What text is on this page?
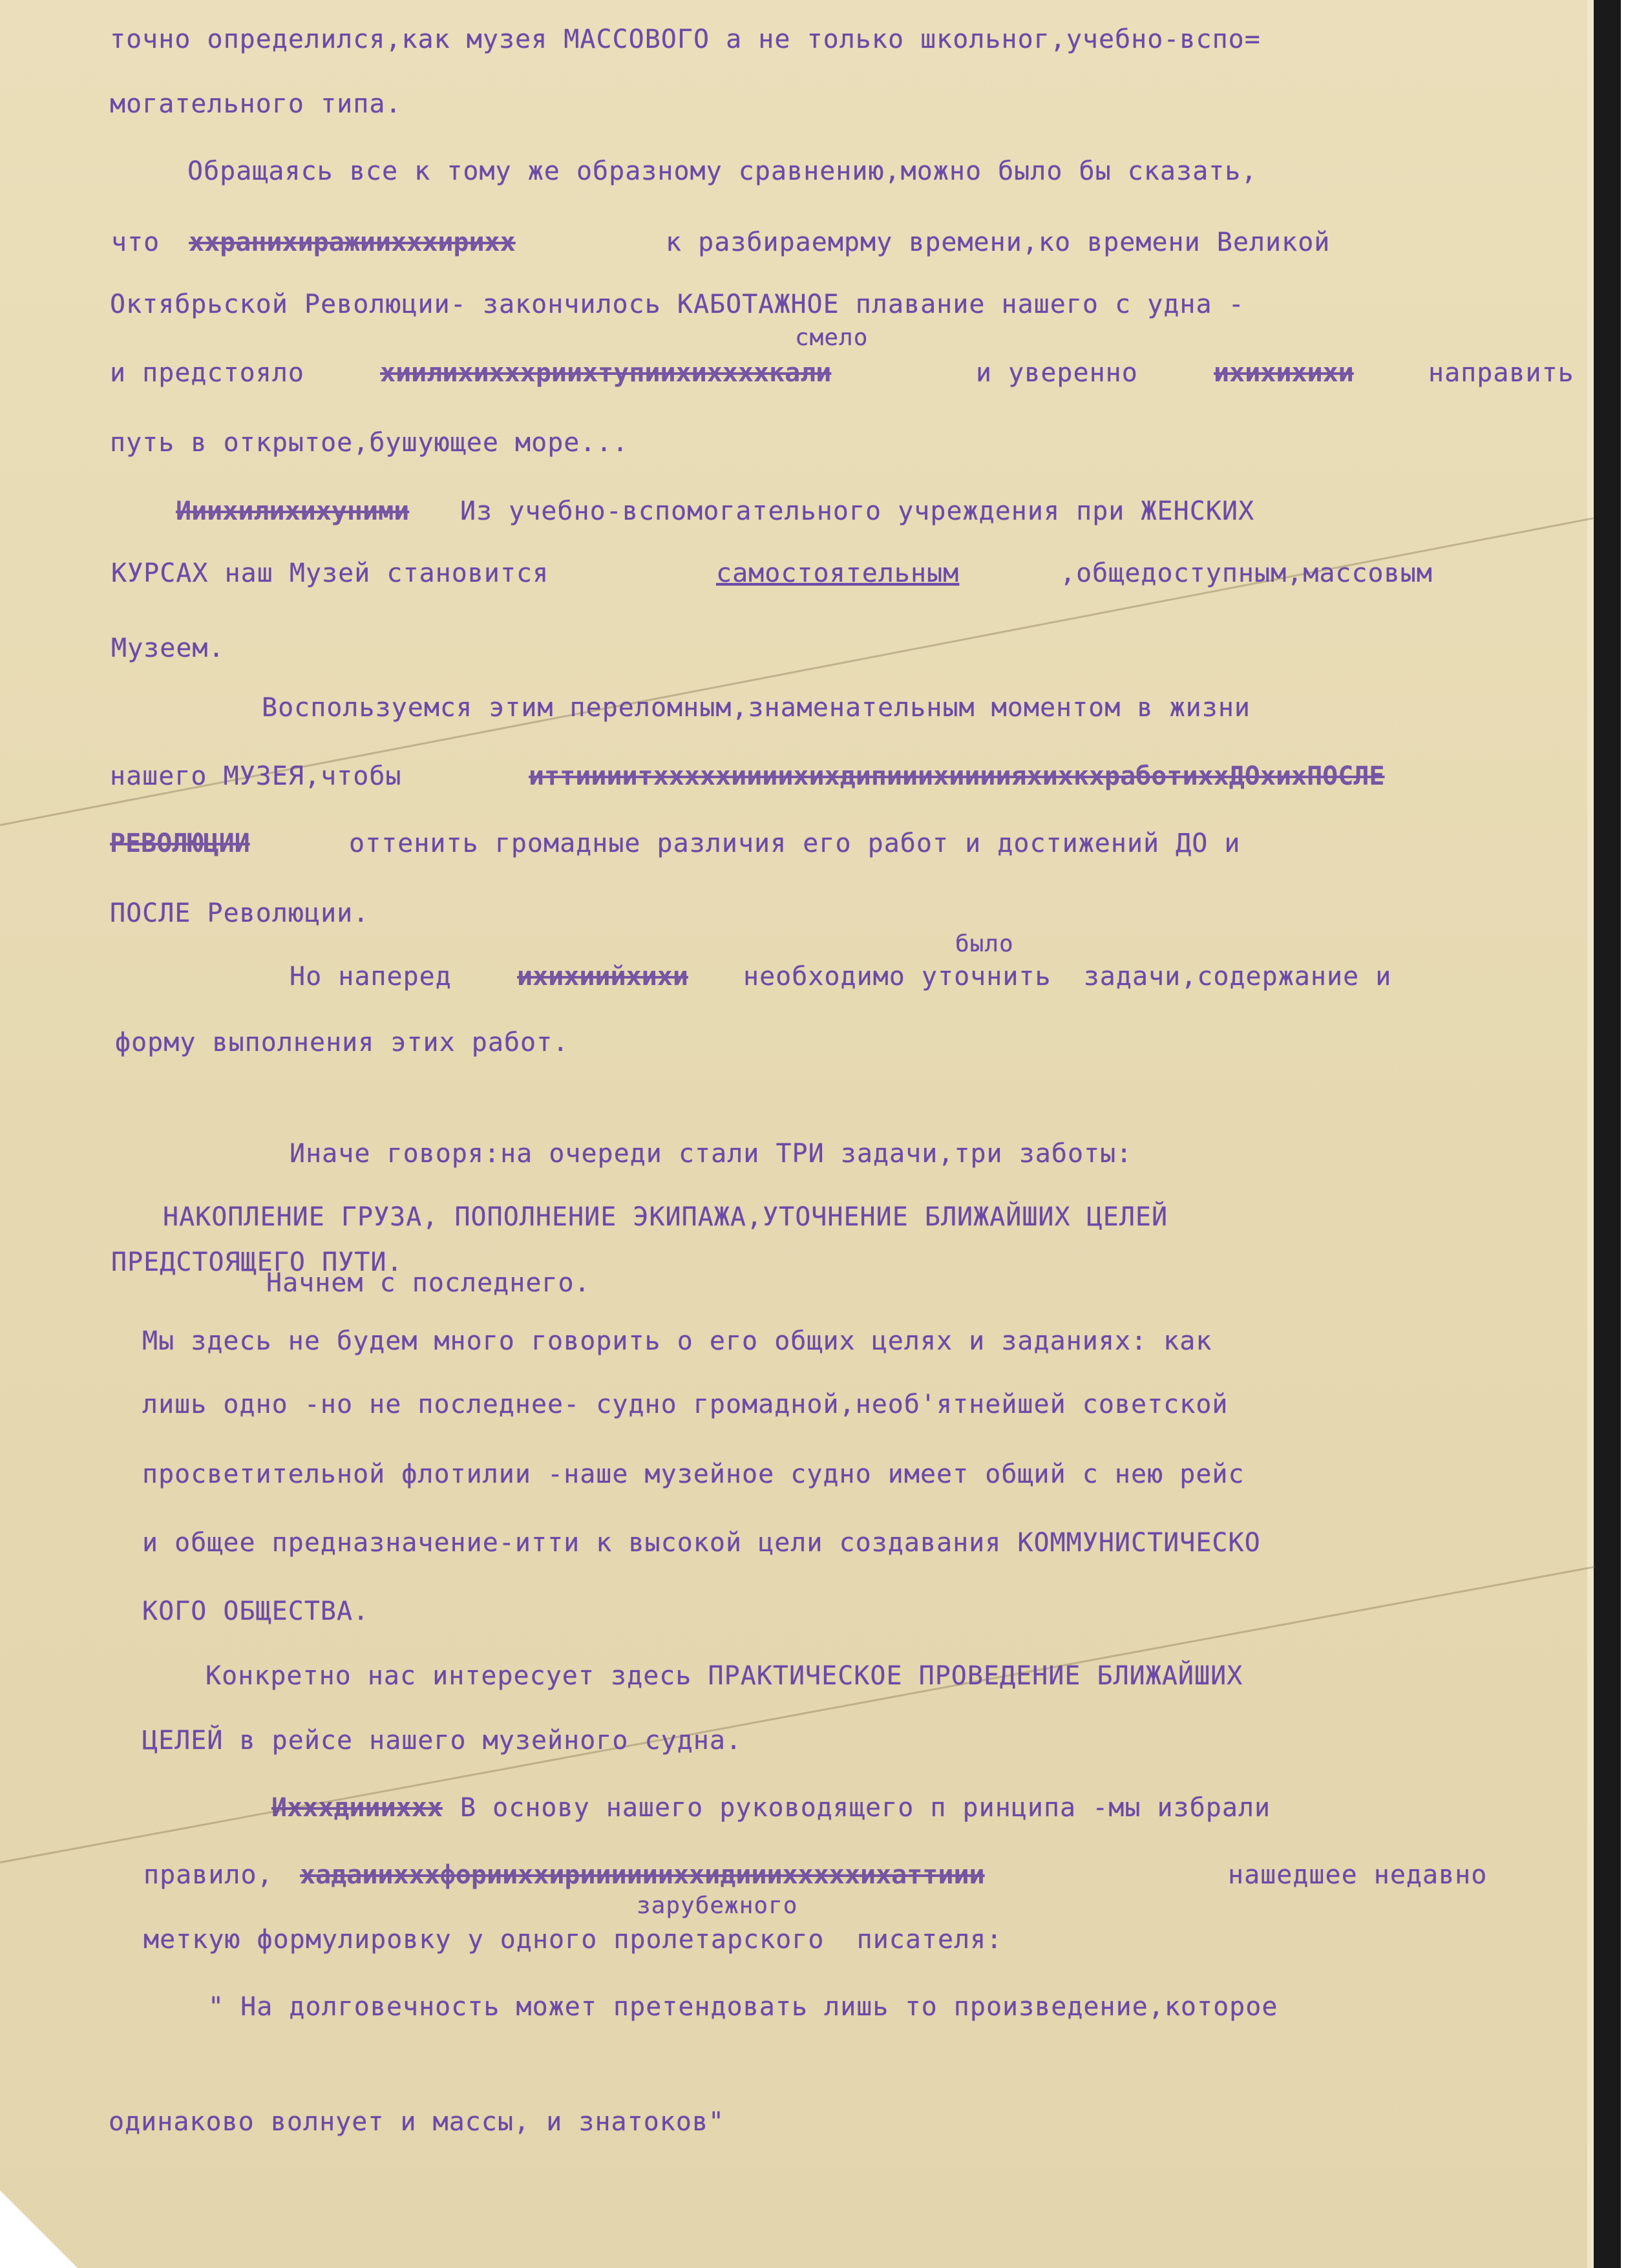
точно определился,как музея МАССОВОГО а не только школьног,учебно-вспо=
могательного типа.
Обращаясь все к тому же образному сравнению,можно было бы сказать,
что ххранихиражиихххирихх	к разбираемрму времени,ко времени Великой
Октябрьской Революции- закончилось КАБОТАЖНОЕ плавание нашего с удна -
смело
и предстояло	хиилихихххриихтупиихиххххкали	и уверенно	ихихихихи	направить
путь в открытое,бушующее море...
Ииихилихихуними Из учебно-вспомогательного учреждения при ЖЕНСКИХ
КУРСАХ наш Музей становится	самостоятельным	,общедоступным,массовым
Музеем.
Воспользуемся этим переломным,знаменательным моментом в жизни
нашего МУЗЕЯ,чтобы	иттиииитхххххиииихихдипииихиииияхихкхработиххДОхихПОСЛЕ
РЕВОЛЮЦИИ	оттенить громадные различия его работ и достижений ДО и
ПОСЛЕ Революции.
было
Но наперед	ихихиийхихи необходимо уточнить  задачи,содержание и
форму выполнения этих работ.
Иначе говоря:на очереди стали ТРИ задачи,три заботы:
НАКОПЛЕНИЕ ГРУЗА, ПОПОЛНЕНИЕ ЭКИПАЖА,УТОЧНЕНИЕ БЛИЖАЙШИХ ЦЕЛЕЙ
ПРЕДСТОЯЩЕГО ПУТИ.
Начнем с последнего.
Мы здесь не будем много говорить о его общих целях и заданиях: как
лишь одно -но не последнее- судно громадной,необ'ятнейшей советской
просветительной флотилии -наше музейное судно имеет общий с нею рейс
и общее предназначение-итти к высокой цели создавания КОММУНИСТИЧЕСКО
КОГО ОБЩЕСТВА.
Конкретно нас интересует здесь ПРАКТИЧЕСКОЕ ПРОВЕДЕНИЕ БЛИЖАЙШИХ
ЦЕЛЕЙ в рейсе нашего музейного судна.
Ихххдиииххх В основу нашего руководящего п ринципа -мы избрали
правило, хадаиихххфорииххирииииииххидииихххххихаттиии	нашедшее недавно
зарубежного
меткую формулировку у одного пролетарского  писателя:
" На долговечность может претендовать лишь то произведение,которое
одинаково волнует и массы, и знатоков"
